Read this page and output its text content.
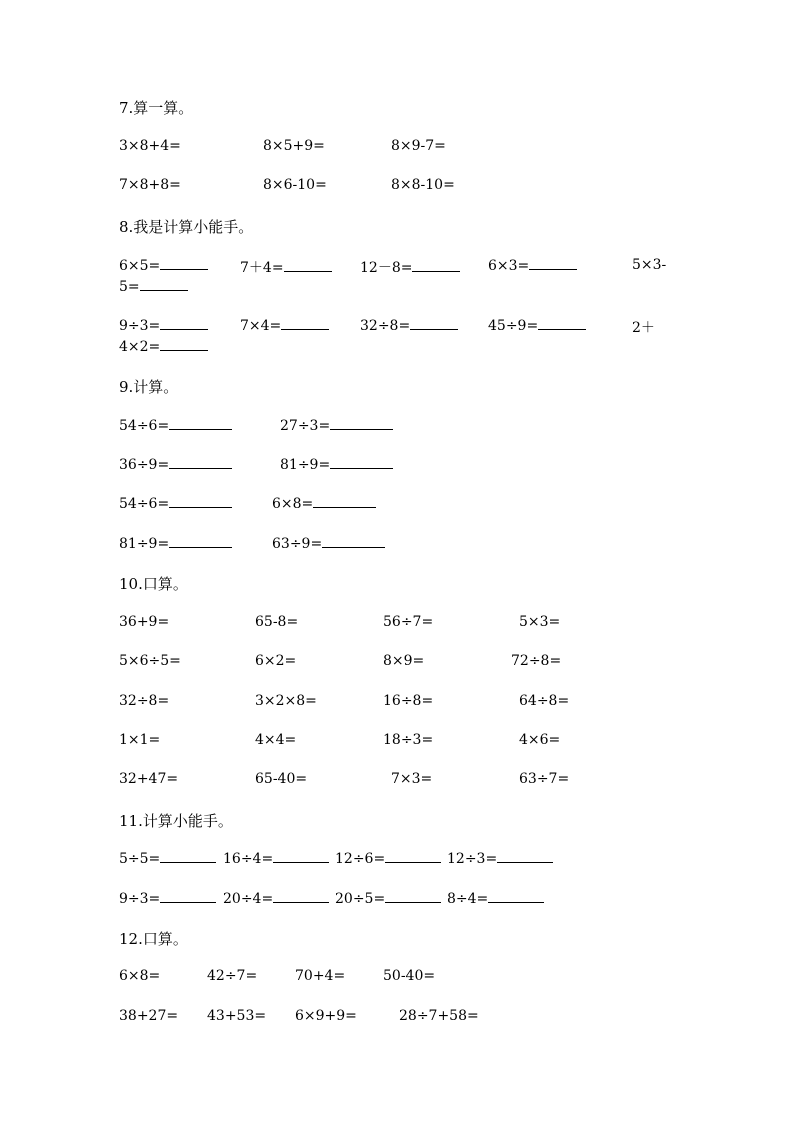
7.算一算。
3×8+4=	8×5+9=	8×9-7=
7×8+8=	8×6-10=	8×8-10=
8.我是计算小能手。
6×5=	7＋4=	12－8=	6×3=	5×3-
5=
9÷3=	7×4=	32÷8=	45÷9=	2＋
4×2=
9.计算。
54÷6=	27÷3=
36÷9=	81÷9=
54÷6=	6×8=
81÷9=	63÷9=
10.口算。
36+9=	65-8=	56÷7=	5×3=
5×6÷5=	6×2=	8×9=	72÷8=
32÷8=	3×2×8=	16÷8=	64÷8=
1×1=	4×4=	18÷3=	4×6=
32+47=	65-40=	7×3=	63÷7=
11.计算小能手。
5÷5=	16÷4=	12÷6=	12÷3=
9÷3=	20÷4=	20÷5=	8÷4=
12.口算。
6×8=	42÷7=	70+4=	50-40=
38+27= 43+53= 6×9+9=	28÷7+58=
